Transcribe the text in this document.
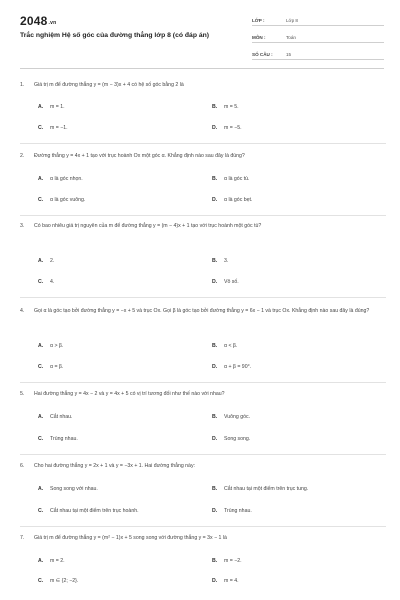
$2048^{.vn}$
Trắc nghiệm Hệ số góc của đường thẳng lớp 8 (có đáp án)
LỚP :	Lớp 8
MÔN :	Toán
SỐ CÂU :	15
1.	Giá trị m để đường thẳng y = (m − 3)x + 4 có hệ số góc bằng 2 là
A.	m = 1.	B.	m = 5.
C.	m = −1.	D.	m = −5.
2.	Đường thẳng y = 4x + 1 tạo với trục hoành Ox một góc α. Khẳng định nào sau đây là đúng?
A.	α là góc nhọn.	B.	α là góc tù.
C.	α là góc vuông.	D.	α là góc bẹt.
3.	Có bao nhiêu giá trị nguyên của m để đường thẳng y = (m − 4)x + 1 tạo với trục hoành một góc tù?
A.	2.	B.	3.
C.	4.	D.	Vô số.
4.	Gọi α là góc tạo bởi đường thẳng y = −x + 5 và trục Ox. Gọi β là góc tạo bởi đường thẳng y = 6x − 1 và trục Ox. Khẳng định nào sau đây là đúng?
A.	α > β.	B.	α < β.
C.	α = β.	D.	α + β = 90°.
5.	Hai đường thẳng y = 4x − 2 và y = 4x + 5 có vị trí tương đối như thế nào với nhau?
A.	Cắt nhau.	B.	Vuông góc.
C.	Trùng nhau.	D.	Song song.
6.	Cho hai đường thẳng y = 2x + 1 và y = −3x + 1. Hai đường thẳng này:
A.	Song song với nhau.	B.	Cắt nhau tại một điểm trên trục tung.
C.	Cắt nhau tại một điểm trên trục hoành.	D.	Trùng nhau.
7.	Giá trị m để đường thẳng y = (m² − 1)x + 5 song song với đường thẳng y = 3x − 1 là
A.	m = 2.	B.	m = −2.
C.	m ∈ {2; −2}.	D.	m = 4.
